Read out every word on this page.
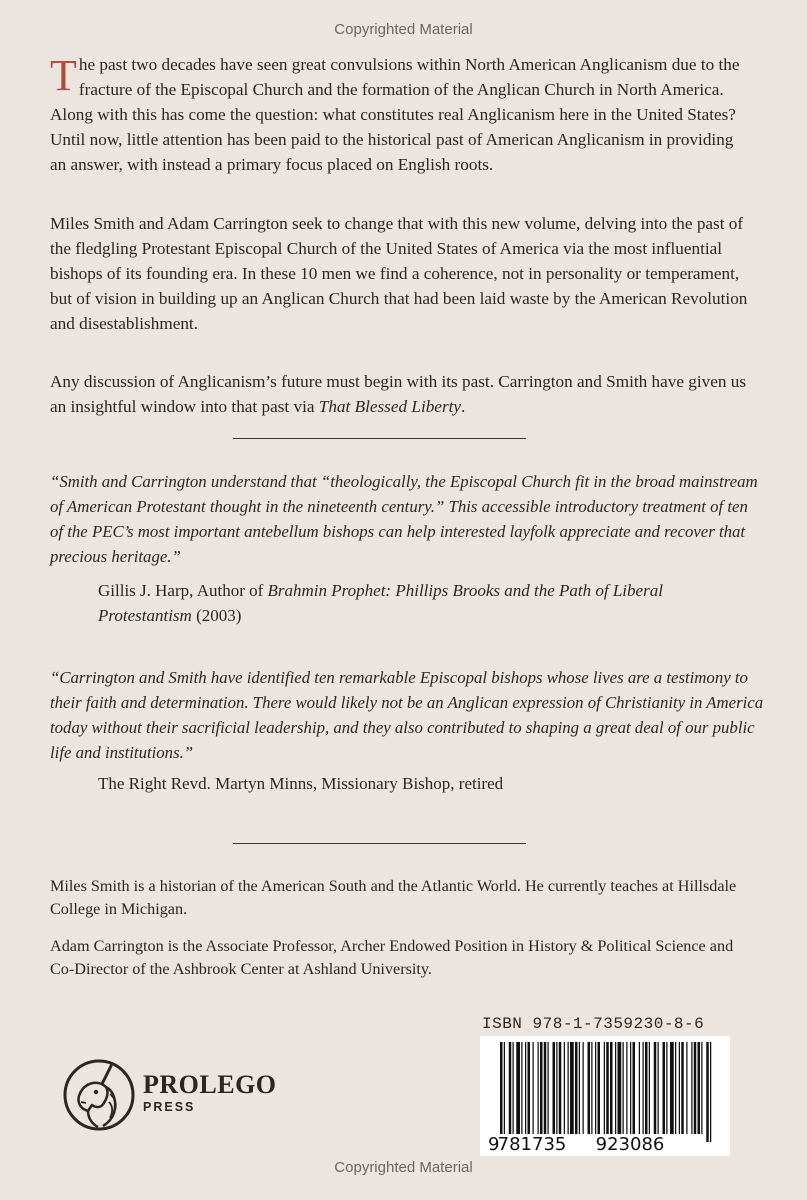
Copyrighted Material
The past two decades have seen great convulsions within North American Anglicanism due to the fracture of the Episcopal Church and the formation of the Anglican Church in North America. Along with this has come the question: what constitutes real Anglicanism here in the United States? Until now, little attention has been paid to the historical past of American Anglicanism in providing an answer, with instead a primary focus placed on English roots.
Miles Smith and Adam Carrington seek to change that with this new volume, delving into the past of the fledgling Protestant Episcopal Church of the United States of America via the most influential bishops of its founding era. In these 10 men we find a coherence, not in personality or temperament, but of vision in building up an Anglican Church that had been laid waste by the American Revolution and disestablishment.
Any discussion of Anglicanism’s future must begin with its past. Carrington and Smith have given us an insightful window into that past via That Blessed Liberty.
“Smith and Carrington understand that “theologically, the Episcopal Church fit in the broad mainstream of American Protestant thought in the nineteenth century.” This accessible introductory treatment of ten of the PEC’s most important antebellum bishops can help interested layfolk appreciate and recover that precious heritage.”
Gillis J. Harp, Author of Brahmin Prophet: Phillips Brooks and the Path of Liberal Protestantism (2003)
“Carrington and Smith have identified ten remarkable Episcopal bishops whose lives are a testimony to their faith and determination. There would likely not be an Anglican expression of Christianity in America today without their sacrificial leadership, and they also contributed to shaping a great deal of our public life and institutions.”
The Right Revd. Martyn Minns, Missionary Bishop, retired
Miles Smith is a historian of the American South and the Atlantic World. He currently teaches at Hillsdale College in Michigan.
Adam Carrington is the Associate Professor, Archer Endowed Position in History & Political Science and Co-Director of the Ashbrook Center at Ashland University.
PROLEGO
PRESS
ISBN 978-1-7359230-8-6
9
781735 923086
Copyrighted Material
